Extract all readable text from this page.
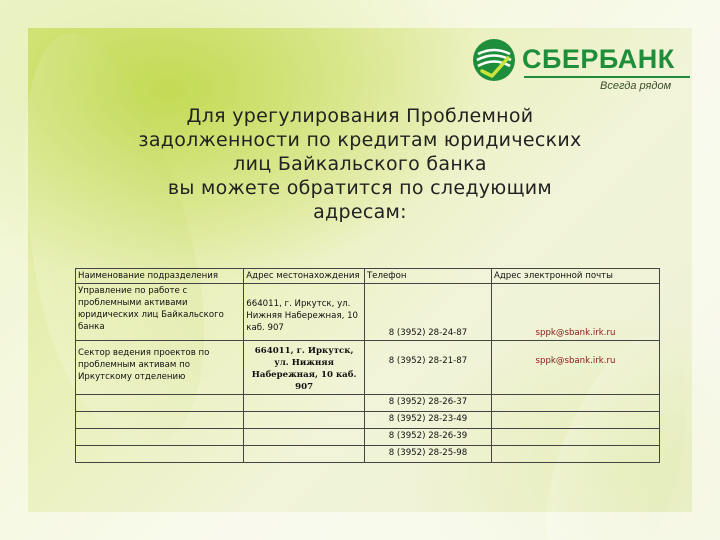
СБЕРБАНК
Всегда рядом
Для урегулирования Проблемной
задолженности по кредитам юридических
лиц Байкальского банка
вы можете обратится по следующим
адресам:
Наименование подразделения	Адрес местонахождения	Телефон	Адрес электронной почты
Управление по работе с проблемными активами юридических лиц Байкальского банка	664011, г. Иркутск, ул. Нижняя Набережная, 10 каб. 907	8 (3952) 28-24-87	sppk@sbank.irk.ru
Сектор ведения проектов по проблемным активам по Иркутскому отделению	664011, г. Иркутск, ул. Нижняя Набережная, 10 каб. 907	8 (3952) 28-21-87	sppk@sbank.irk.ru
		8 (3952) 28-26-37	
		8 (3952) 28-23-49	
		8 (3952) 28-26-39	
		8 (3952) 28-25-98	
